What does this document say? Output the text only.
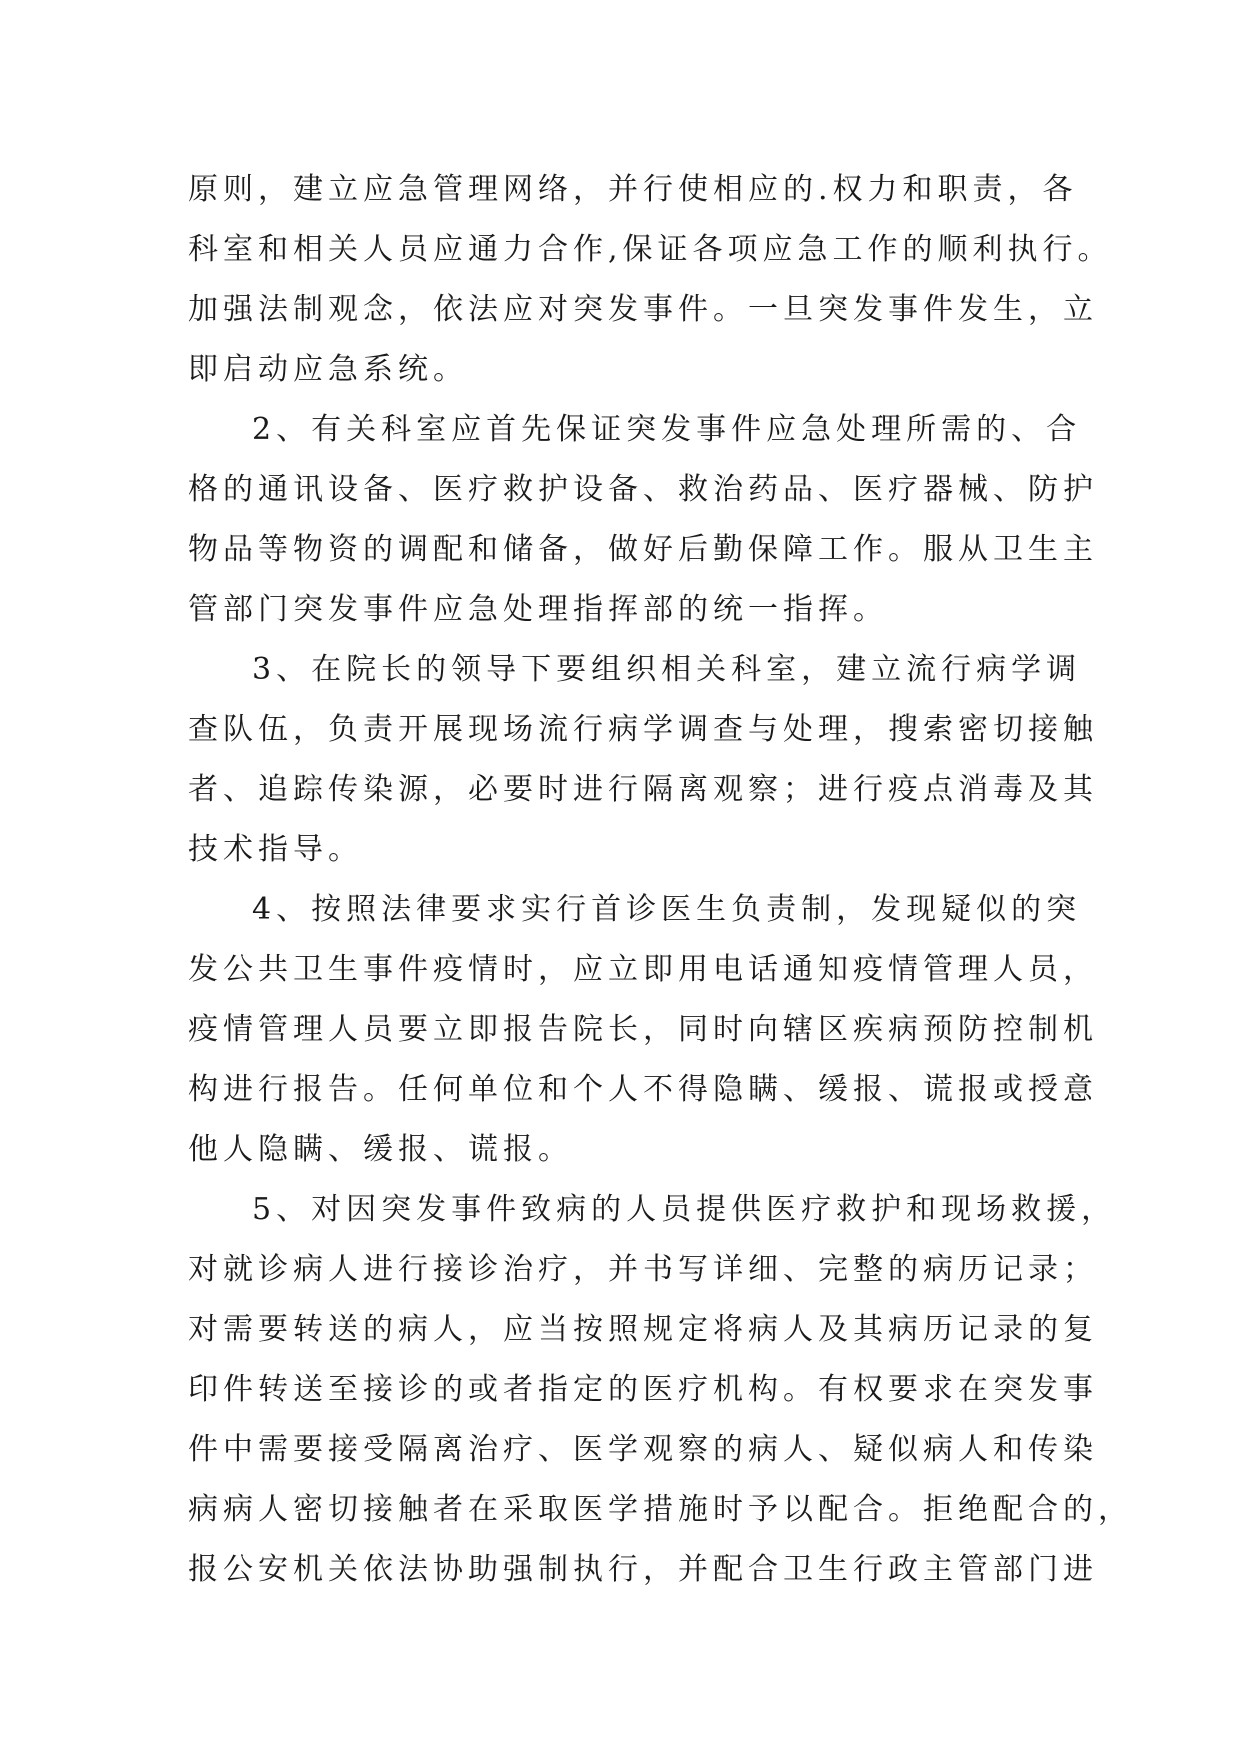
原则，建立应急管理网络，并行使相应的.权力和职责，各

科室和相关人员应通力合作,保证各项应急工作的顺利执行。

加强法制观念，依法应对突发事件。一旦突发事件发生，立

即启动应急系统。

2、有关科室应首先保证突发事件应急处理所需的、合

格的通讯设备、医疗救护设备、救治药品、医疗器械、防护

物品等物资的调配和储备，做好后勤保障工作。服从卫生主

管部门突发事件应急处理指挥部的统一指挥。

3、在院长的领导下要组织相关科室，建立流行病学调

查队伍，负责开展现场流行病学调查与处理，搜索密切接触

者、追踪传染源，必要时进行隔离观察；进行疫点消毒及其

技术指导。

4、按照法律要求实行首诊医生负责制，发现疑似的突

发公共卫生事件疫情时，应立即用电话通知疫情管理人员，

疫情管理人员要立即报告院长，同时向辖区疾病预防控制机

构进行报告。任何单位和个人不得隐瞒、缓报、谎报或授意

他人隐瞒、缓报、谎报。

5、对因突发事件致病的人员提供医疗救护和现场救援，

对就诊病人进行接诊治疗，并书写详细、完整的病历记录；

对需要转送的病人，应当按照规定将病人及其病历记录的复

印件转送至接诊的或者指定的医疗机构。有权要求在突发事

件中需要接受隔离治疗、医学观察的病人、疑似病人和传染

病病人密切接触者在采取医学措施时予以配合。拒绝配合的，

报公安机关依法协助强制执行，并配合卫生行政主管部门进
